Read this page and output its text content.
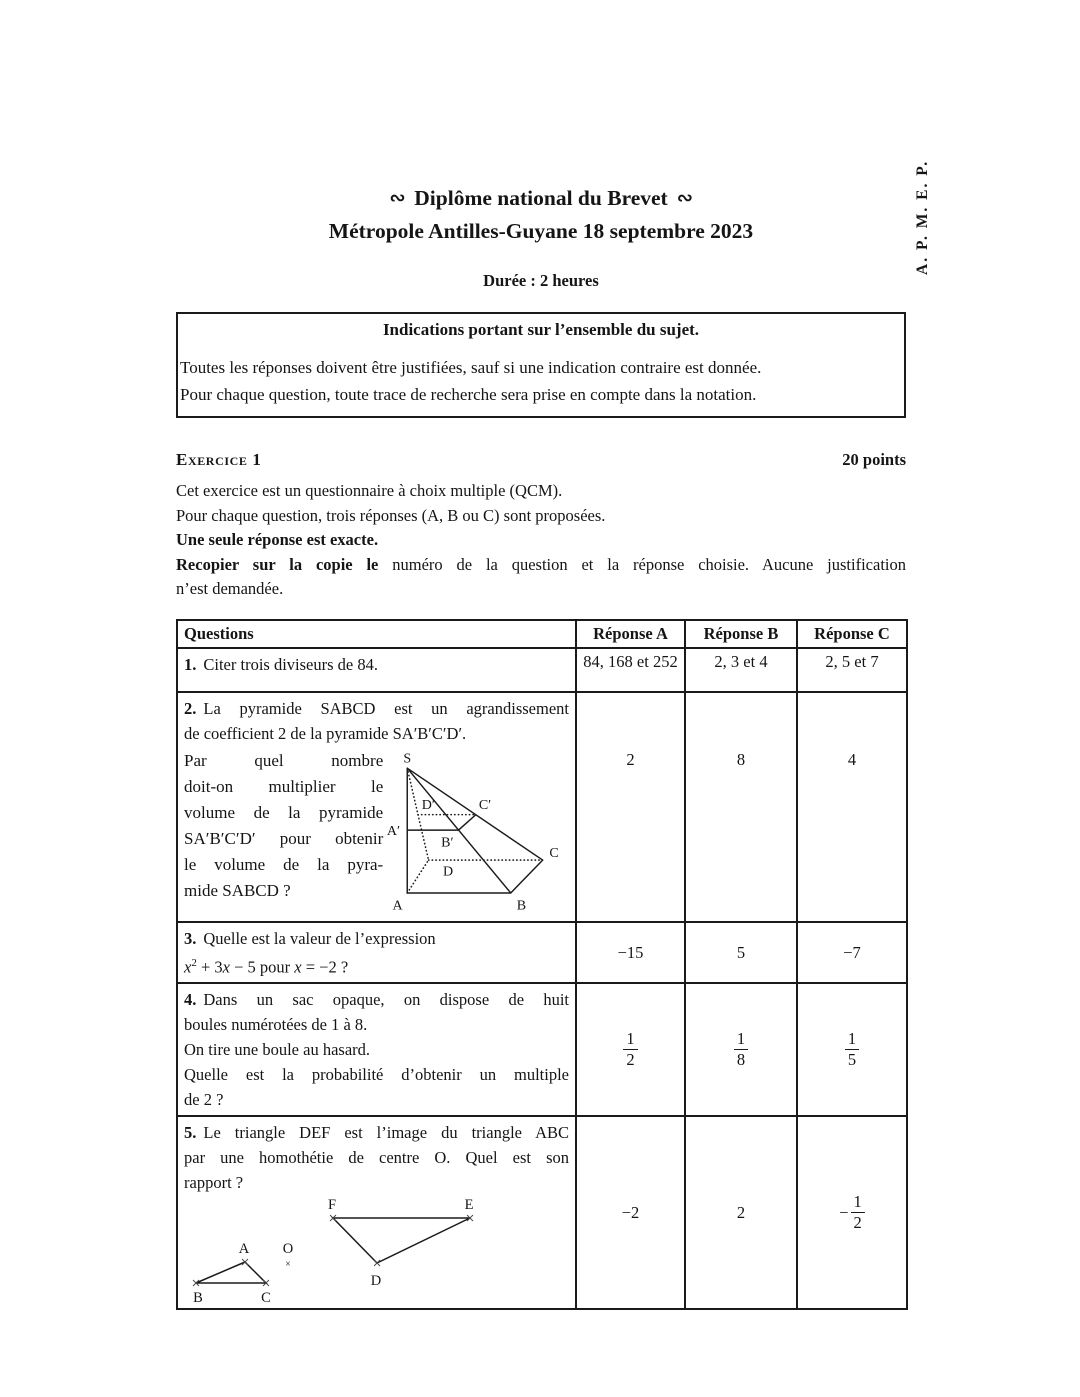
A. P. M. E. P.
∾ Diplôme national du Brevet ∾
Métropole Antilles-Guyane 18 septembre 2023
Durée : 2 heures
Indications portant sur l’ensemble du sujet.
Toutes les réponses doivent être justifiées, sauf si une indication contraire est donnée.
Pour chaque question, toute trace de recherche sera prise en compte dans la notation.
Exercice 1	20 points

Cet exercice est un questionnaire à choix multiple (QCM).

Pour chaque question, trois réponses (A, B ou C) sont proposées.

Une seule réponse est exacte.

Recopier sur la copie le numéro de la question et la réponse choisie. Aucune justification

n’est demandée.

Questions	Réponse A	Réponse B	Réponse C
1. Citer trois diviseurs de 84.	84, 168 et 252	2, 3 et 4	2, 5 et 7

2. La pyramide SABCD est un agrandissement
de coefficient 2 de la pyramide SA′B′C′D′.
Par quel nombre
doit-on multiplier le
volume de la pyramide
SA′B′C′D′ pour obtenir
le volume de la pyra-
mide SABCD ?
S
A	B
C
D
A′
B′
C′
D′
	2	8	4

3. Quelle est la valeur de l’expression
$x^2 + 3x - 5$ pour x = −2 ?	−15	5	−7

4. Dans un sac opaque, on dispose de huit
boules numérotées de 1 à 8.
On tire une boule au hasard.
Quelle est la probabilité d’obtenir un multiple
de 2 ?

$\frac{1}{2}$	$\frac{1}{8}$	$\frac{1}{5}$

5. Le triangle DEF est l’image du triangle ABC
par une homothétie de centre O. Quel est son
rapport ?
F	E
D
A O
×
B	C
	−2	2	− $\frac{1}{2}$
